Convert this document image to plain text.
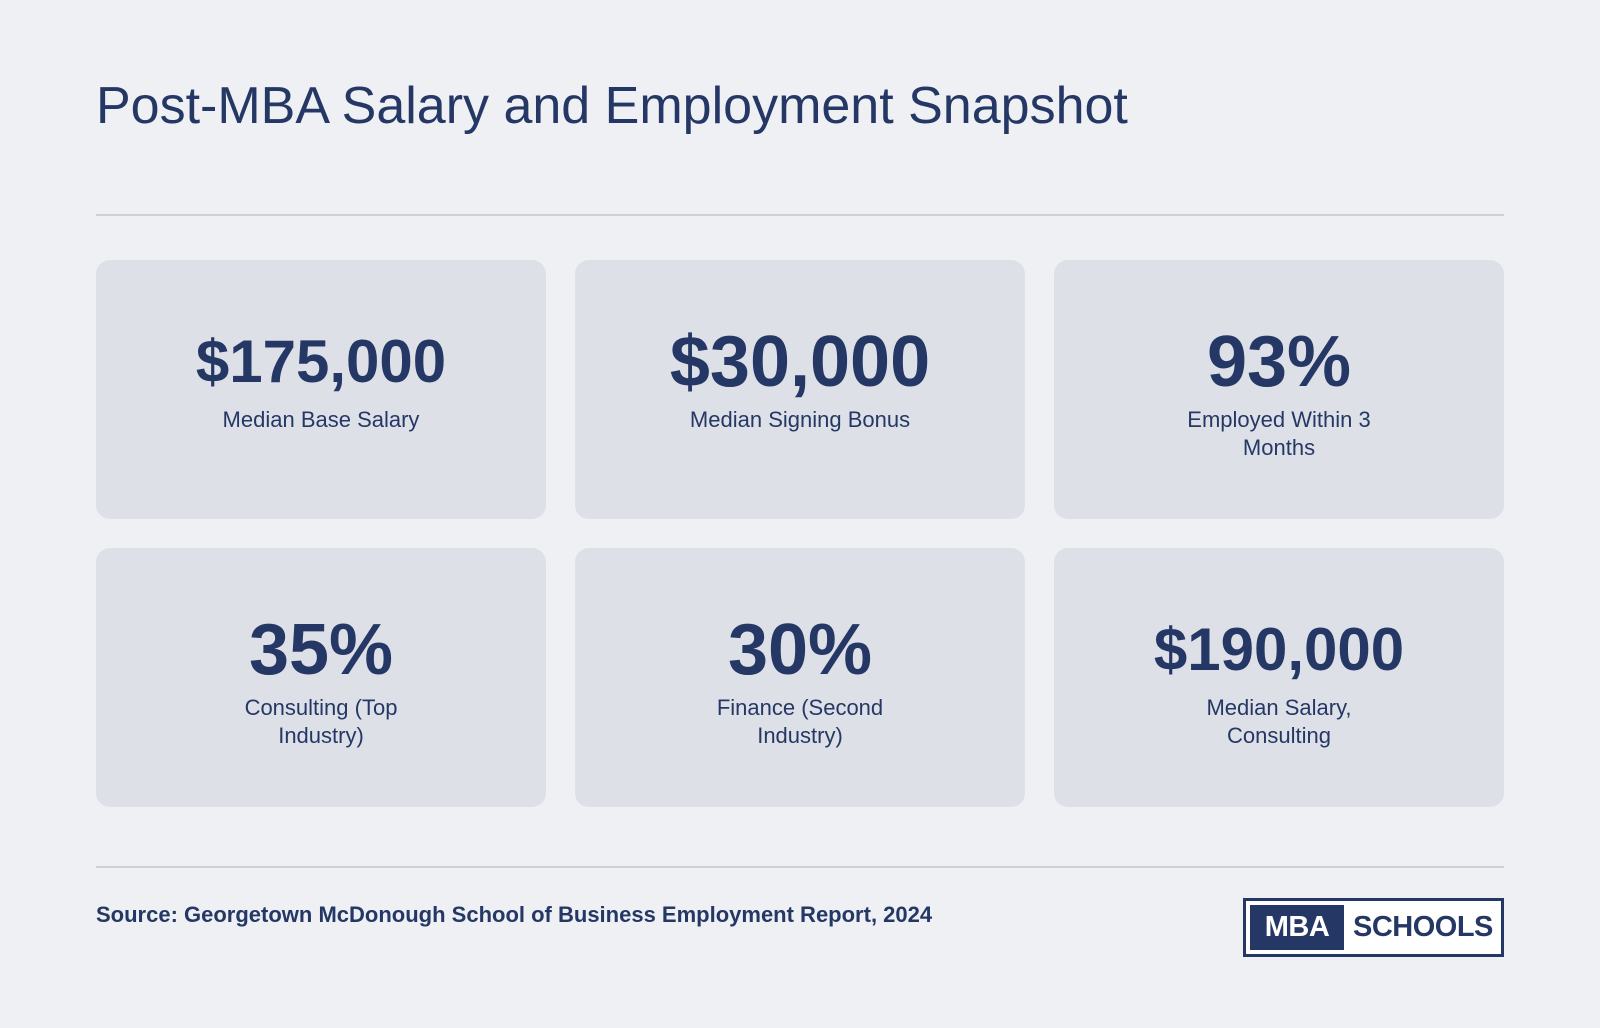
Post-MBA Salary and Employment Snapshot
$175,000
Median Base Salary
$30,000
Median Signing Bonus
93%
Employed Within 3 Months
35%
Consulting (Top Industry)
30%
Finance (Second Industry)
$190,000
Median Salary, Consulting
Source: Georgetown McDonough School of Business Employment Report, 2024	MBA SCHOOLS
